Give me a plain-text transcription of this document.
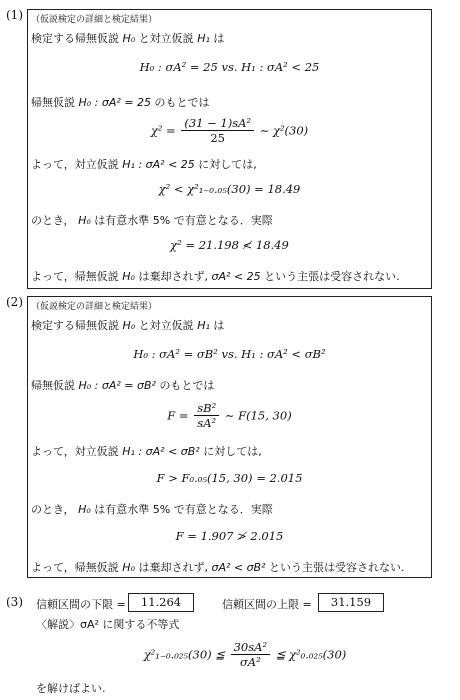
(1) （仮説検定の詳細と検定結果）
検定する帰無仮説 H₀ と対立仮説 H₁ は
H₀ : σA² = 25 vs. H₁ : σA² < 25
帰無仮説 H₀ : σA² = 25 のもとでは
$\chi^2 = \frac{\text{(31 − 1)sA²}}{25}$ ∼ χ²(30)
よって，対立仮説 H₁ : σA² < 25 に対しては,
χ² < χ²₁₋₀.₀₅(30) = 18.49
のとき， H₀ は有意水準 5% で有意となる．実際
χ² = 21.198 ≮ 18.49
よって，帰無仮説 H₀ は棄却されず, σA² < 25 という主張は受容されない.
(2) （仮説検定の詳細と検定結果）
検定する帰無仮説 H₀ と対立仮説 H₁ は
H₀ : σA² = σB² vs. H₁ : σA² < σB²
帰無仮説 H₀ : σA² = σB² のもとでは
$F = \frac{\text{sB²}}{\text{sA²}}$ ∼ F(15, 30)
よって，対立仮説 H₁ : σA² < σB² に対しては,
F > F₀.₀₅(15, 30) = 2.015
のとき， H₀ は有意水準 5% で有意となる．実際
F = 1.907 ≯ 2.015
よって，帰無仮説 H₀ は棄却されず, σA² < σB² という主張は受容されない.
(3) 信頼区間の下限 =	11.264	信頼区間の上限 =	31.159
〈解説〉σA² に関する不等式
χ²₁₋₀.₀₂₅(30) ≦ $\frac{\text{30sA²}}{\text{σA²}}$ ≦ χ²₀.₀₂₅(30)
を解けばよい.
